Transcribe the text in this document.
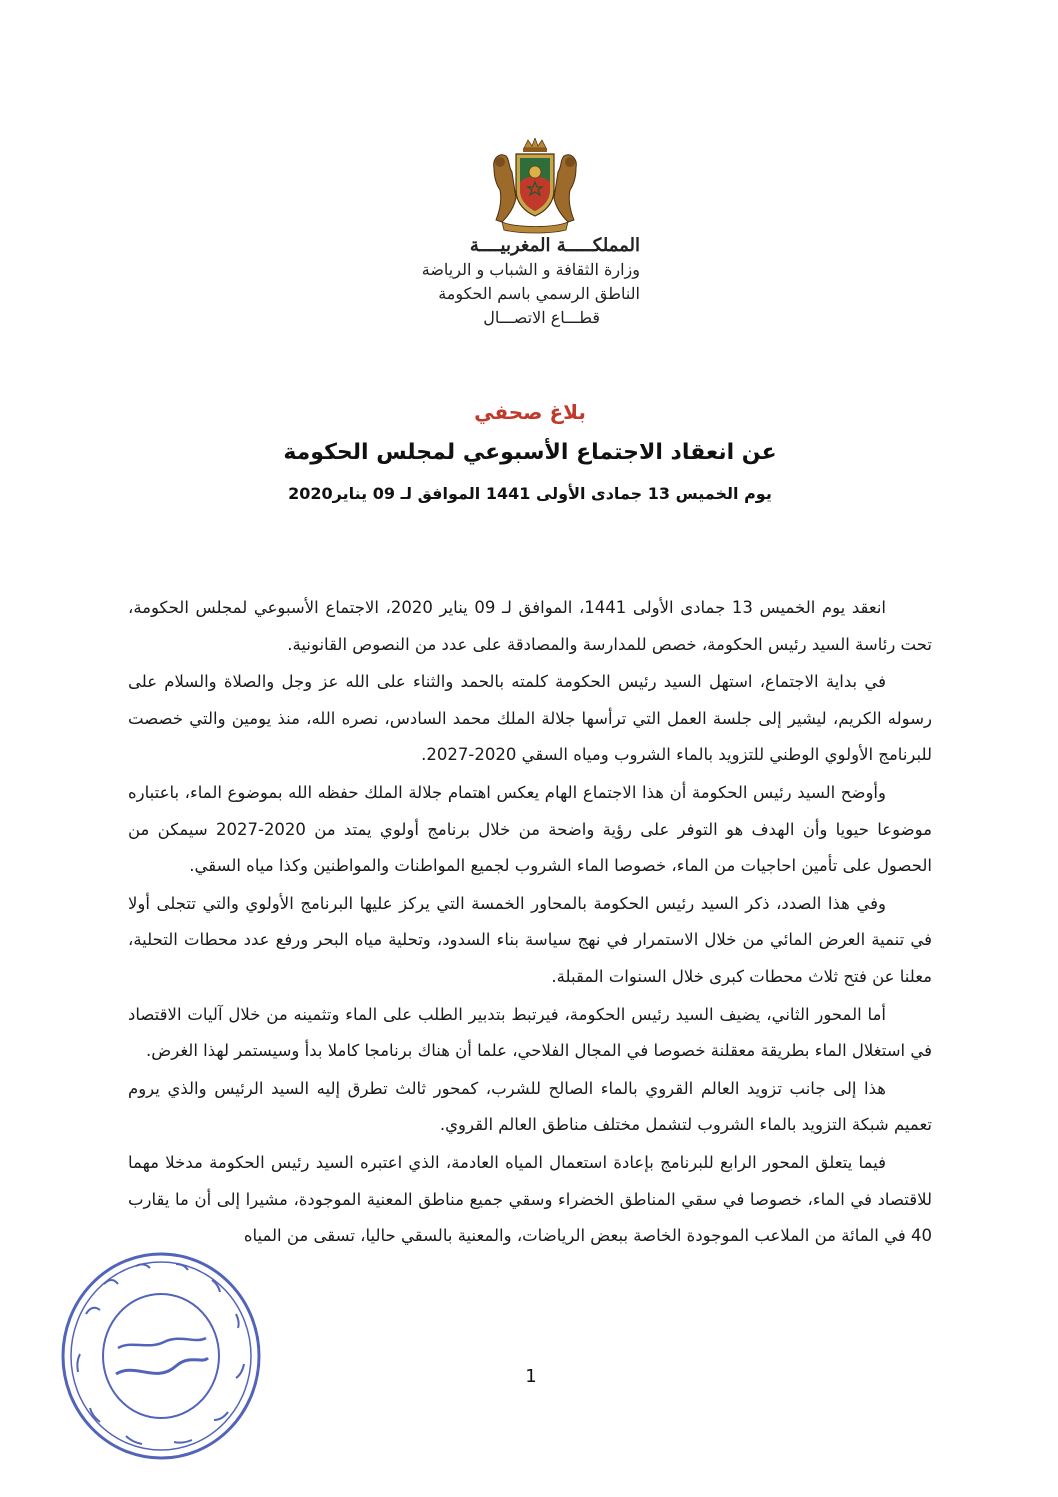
المملكـــــة المغربيــــة
وزارة الثقافة و الشباب و الرياضة
الناطق الرسمي باسم الحكومة
قطـــاع الاتصـــال
بلاغ صحفي
عن انعقاد الاجتماع الأسبوعي لمجلس الحكومة
يوم الخميس 13 جمادى الأولى 1441 الموافق لـ 09 يناير2020

انعقد يوم الخميس 13 جمادى الأولى 1441، الموافق لـ 09 يناير 2020، الاجتماع الأسبوعي لمجلس الحكومة، تحت رئاسة السيد رئيس الحكومة، خصص للمدارسة والمصادقة على عدد من النصوص القانونية.

في بداية الاجتماع، استهل السيد رئيس الحكومة كلمته بالحمد والثناء على الله عز وجل والصلاة والسلام على رسوله الكريم، ليشير إلى جلسة العمل التي ترأسها جلالة الملك محمد السادس، نصره الله، منذ يومين والتي خصصت للبرنامج الأولوي الوطني للتزويد بالماء الشروب ومياه السقي 2020-2027.

وأوضح السيد رئيس الحكومة أن هذا الاجتماع الهام يعكس اهتمام جلالة الملك حفظه الله بموضوع الماء، باعتباره موضوعا حيويا وأن الهدف هو التوفر على رؤية واضحة من خلال برنامج أولوي يمتد من 2020-2027 سيمكن من الحصول على تأمين احاجيات من الماء، خصوصا الماء الشروب لجميع المواطنات والمواطنين وكذا مياه السقي.

وفي هذا الصدد، ذكر السيد رئيس الحكومة بالمحاور الخمسة التي يركز عليها البرنامج الأولوي والتي تتجلى أولا في تنمية العرض المائي من خلال الاستمرار في نهج سياسة بناء السدود، وتحلية مياه البحر ورفع عدد محطات التحلية، معلنا عن فتح ثلاث محطات كبرى خلال السنوات المقبلة.

أما المحور الثاني، يضيف السيد رئيس الحكومة، فيرتبط بتدبير الطلب على الماء وتثمينه من خلال آليات الاقتصاد في استغلال الماء بطريقة معقلنة خصوصا في المجال الفلاحي، علما أن هناك برنامجا كاملا بدأ وسيستمر لهذا الغرض.

هذا إلى جانب تزويد العالم القروي بالماء الصالح للشرب، كمحور ثالث تطرق إليه السيد الرئيس والذي يروم تعميم شبكة التزويد بالماء الشروب لتشمل مختلف مناطق العالم القروي.

فيما يتعلق المحور الرابع للبرنامج بإعادة استعمال المياه العادمة، الذي اعتبره السيد رئيس الحكومة مدخلا مهما للاقتصاد في الماء، خصوصا في سقي المناطق الخضراء وسقي جميع مناطق المعنية الموجودة، مشيرا إلى أن ما يقارب 40 في المائة من الملاعب الموجودة الخاصة ببعض الرياضات، والمعنية بالسقي حاليا، تسقى من المياه

1
